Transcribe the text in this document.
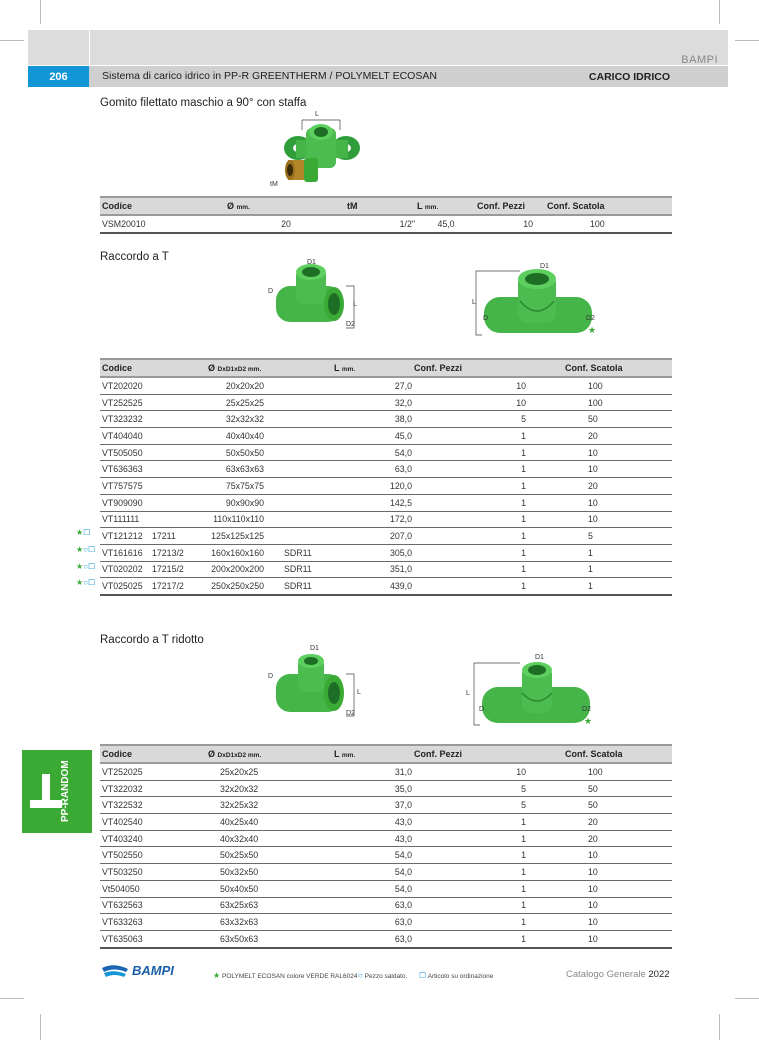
BAMPI
206	Sistema di carico idrico in PP-R GREENTHERM / POLYMELT ECOSAN	CARICO IDRICO
Gomito filettato maschio a 90° con staffa
L
tM
Codice	Ø mm.	tM	L mm.	Conf. Pezzi	Conf. Scatola
VSM20010	20	1/2"	45,0	10	100
Raccordo a T	D1
D
L
D2
D1
L
D	D2
★
Codice		Ø DxD1xD2 mm.		L mm.	Conf. Pezzi	Conf. Scatola

VT202020		20x20x20		27,0	10	100

VT252525		25x25x25		32,0	10	100

VT323232		32x32x32		38,0	5	50

VT404040		40x40x40		45,0	1	20

VT505050		50x50x50		54,0	1	10

VT636363		63x63x63		63,0	1	10

VT757575		75x75x75		120,0	1	20

VT909090		90x90x90		142,5	1	10

VT111111		110x110x110		172,0	1	10

★☐ VT121212	17211	125x125x125		207,0	1	5

★○☐ VT161616	17213/2	160x160x160	SDR11	305,0	1	1

★○☐ VT020202	17215/2	200x200x200	SDR11	351,0	1	1

★○☐ VT025025	17217/2	250x250x250	SDR11	439,0	1	1
Raccordo a T ridotto
D1
D
L
D2
D1
L
D	D2
★
Codice	Ø DxD1xD2 mm.	L mm.	Conf. Pezzi	Conf. Scatola
VT252025	25x20x25	31,0	10	100
VT322032	32x20x32	35,0	5	50
VT322532	32x25x32	37,0	5	50
VT402540	40x25x40	43,0	1	20
VT403240	40x32x40	43,0	1	20
VT502550	50x25x50	54,0	1	10
VT503250	50x32x50	54,0	1	10
Vt504050	50x40x50	54,0	1	10
VT632563	63x25x63	63,0	1	10
VT633263	63x32x63	63,0	1	10
VT635063	63x50x63	63,0	1	10
PP-RANDOM
BAMPI	★ POLYMELT ECOSAN colore VERDE RAL6024 ○ Pezzo saldato. ☐ Articolo su ordinazione	Catalogo Generale 2022
